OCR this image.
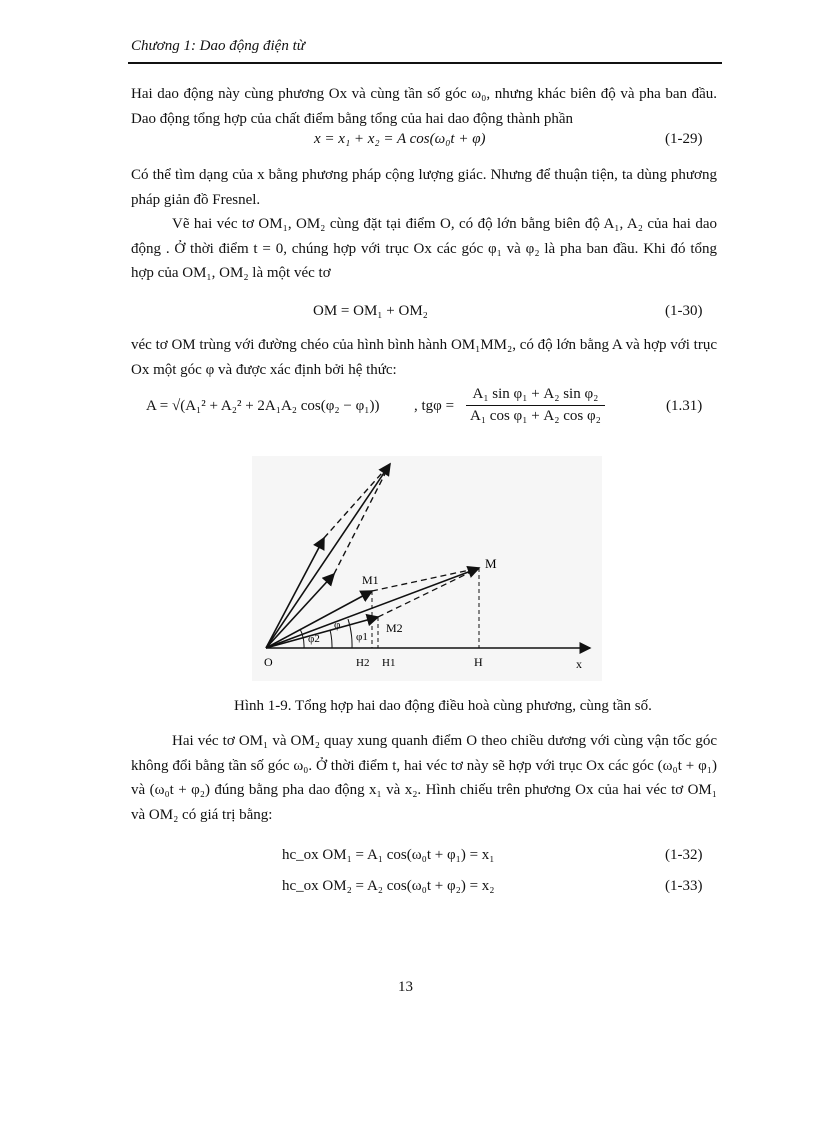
Chương 1: Dao động điện từ
Hai dao động này cùng phương Ox và cùng tần số góc ω₀, nhưng khác biên độ và pha ban đầu. Dao động tổng hợp của chất điểm bằng tổng của hai dao động thành phần
x = x₁ + x₂ = A cos(ω₀t + φ)	(1-29)
Có thể tìm dạng của x bằng phương pháp cộng lượng giác. Nhưng để thuận tiện, ta dùng phương pháp giản đồ Fresnel.
Vẽ hai véc tơ OM₁, OM₂ cùng đặt tại điểm O, có độ lớn bằng biên độ A₁, A₂ của hai dao động . Ở thời điểm t = 0, chúng hợp với trục Ox các góc φ₁ và φ₂ là pha ban đầu. Khi đó tổng hợp của OM₁, OM₂ là một véc tơ
OM = OM₁ + OM₂	(1-30)
véc tơ OM trùng với đường chéo của hình bình hành OM₁MM₂, có độ lớn bằng A và hợp với trục Ox một góc φ và được xác định bởi hệ thức:
A = √(A₁² + A₂² + 2A₁A₂ cos(φ₂ − φ₁)) , $tg\varphi = \frac{\text{A₁ sin φ₁ + A₂ sin φ₂}}{\text{A₁ cos φ₁ + A₂ cos φ₂}}$	(1.31)
M
M1
M2
φ
φ1
φ2
O	H2 H1	H	x
Hình 1-9. Tổng hợp hai dao động điều hoà cùng phương, cùng tần số.
Hai véc tơ OM₁ và OM₂ quay xung quanh điểm O theo chiều dương với cùng vận tốc góc không đổi bằng tần số góc ω₀. Ở thời điểm t, hai véc tơ này sẽ hợp với trục Ox các góc (ω₀t + φ₁) và (ω₀t + φ₂) đúng bằng pha dao động x₁ và x₂. Hình chiếu trên phương Ox của hai véc tơ OM₁ và OM₂ có giá trị bằng:
hc_ox OM₁ = A₁ cos(ω₀t + φ₁) = x₁	(1-32)
hc_ox OM₂ = A₂ cos(ω₀t + φ₂) = x₂	(1-33)
13
